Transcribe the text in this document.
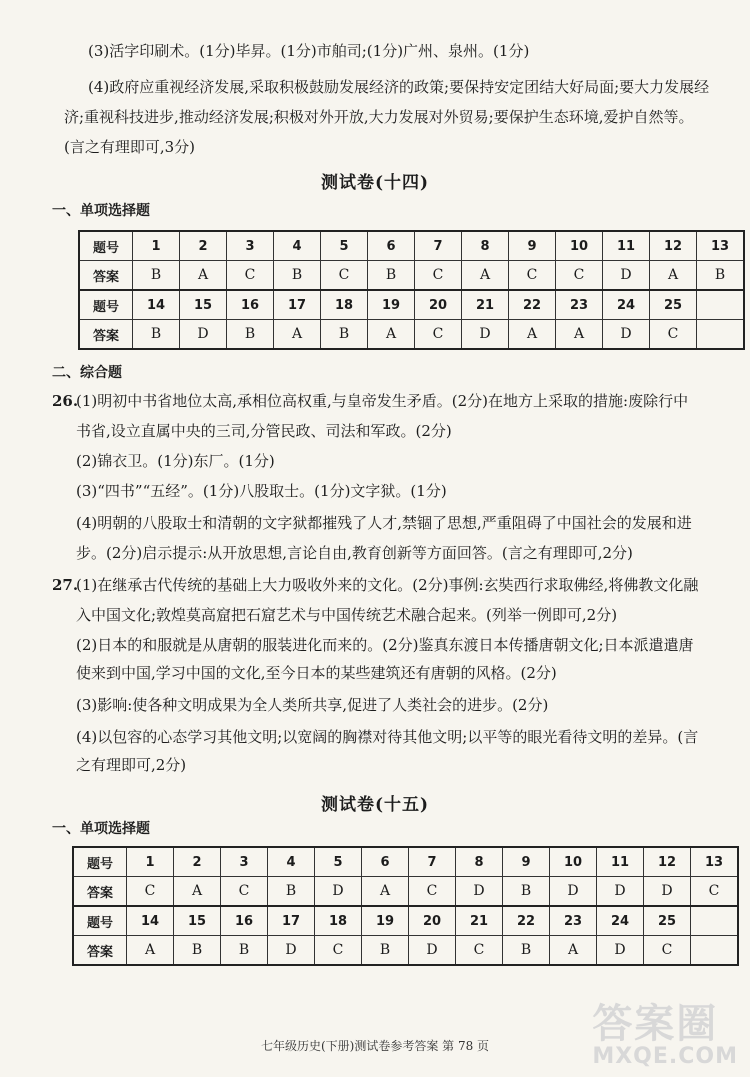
(3)活字印刷术。(1分)毕昇。(1分)市舶司;(1分)广州、泉州。(1分)
(4)政府应重视经济发展,采取积极鼓励发展经济的政策;要保持安定团结大好局面;要大力发展经
济;重视科技进步,推动经济发展;积极对外开放,大力发展对外贸易;要保护生态环境,爱护自然等。
(言之有理即可,3分)
测试卷(十四)
一、单项选择题
题号	1	2	3	4	5	6	7	8	9	10	11	12	13
答案	B	A	C	B	C	B	C	A	C	C	D	A	B
题号	14	15	16	17	18	19	20	21	22	23	24	25	
答案	B	D	B	A	B	A	C	D	A	A	D	C	
二、综合题
26.
(1)明初中书省地位太高,承相位高权重,与皇帝发生矛盾。(2分)在地方上采取的措施:废除行中
书省,设立直属中央的三司,分管民政、司法和军政。(2分)
(2)锦衣卫。(1分)东厂。(1分)
(3)“四书”“五经”。(1分)八股取士。(1分)文字狱。(1分)
(4)明朝的八股取士和清朝的文字狱都摧残了人才,禁锢了思想,严重阻碍了中国社会的发展和进
步。(2分)启示提示:从开放思想,言论自由,教育创新等方面回答。(言之有理即可,2分)
27.
(1)在继承古代传统的基础上大力吸收外来的文化。(2分)事例:玄奘西行求取佛经,将佛教文化融
入中国文化;敦煌莫高窟把石窟艺术与中国传统艺术融合起来。(列举一例即可,2分)
(2)日本的和服就是从唐朝的服装进化而来的。(2分)鉴真东渡日本传播唐朝文化;日本派遣遣唐
使来到中国,学习中国的文化,至今日本的某些建筑还有唐朝的风格。(2分)
(3)影响:使各种文明成果为全人类所共享,促进了人类社会的进步。(2分)
(4)以包容的心态学习其他文明;以宽阔的胸襟对待其他文明;以平等的眼光看待文明的差异。(言
之有理即可,2分)
测试卷(十五)
一、单项选择题
题号	1	2	3	4	5	6	7	8	9	10	11	12	13
答案	C	A	C	B	D	A	C	D	B	D	D	D	C
题号	14	15	16	17	18	19	20	21	22	23	24	25	
答案	A	B	B	D	C	B	D	C	B	A	D	C	
七年级历史(下册)测试卷参考答案 第 78 页	答案圈
MXQE.COM
